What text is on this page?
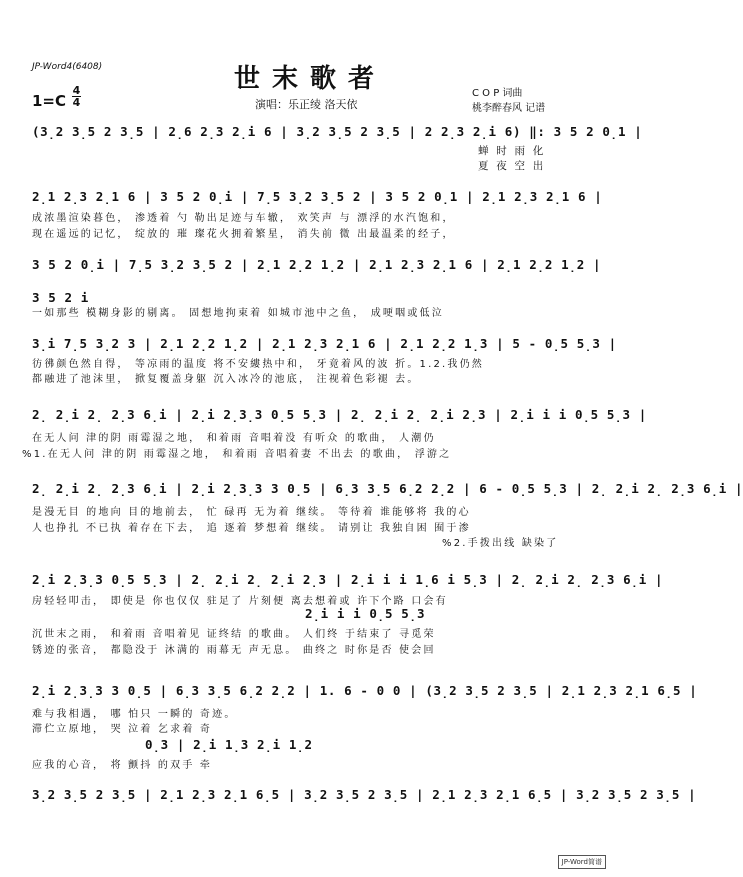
JP-Word4(6408)	世末歌者
1=C
4
4	演唱：乐正绫 洛天依
C O P 词曲
桃李醉春风 记谱
(3̣2 3̣5 2 3̣5 | 2̣6 2̣3 2̣i 6 | 3̣2 3̣5 2 3̣5 | 2 2̣3 2̣i 6) ‖: 3 5 2 0̣1 |
蝉 时 雨 化
夏 夜 空 出
2̣1 2̣3 2̣1 6 | 3 5 2 0̣i | 7̣5 3̣2 3̣5 2 | 3 5 2 0̣1 | 2̣1 2̣3 2̣1 6 |
成浓墨渲染暮色， 渗透着 勺 勒出足迹与车辙， 欢笑声 与 漂浮的水汽饱和，
现在遥远的记忆， 绽放的 璀 璨花火拥着繁星， 消失前 微 出最温柔的经子，
3 5 2 0̣i | 7̣5 3̣2 3̣5 2 | 2̣1 2̣2 1̣2 | 2̣1 2̣3 2̣1 6 | 2̣1 2̣2 1̣2 |
3 5 2 i
一如那些 模糊身影的剔离。 固想地拘束着 如城市池中之鱼， 成哽咽或低泣
3̣i 7̣5 3̣2 3 | 2̣1 2̣2 1̣2 | 2̣1 2̣3 2̣1 6 | 2̣1 2̣2 1̣3 | 5 - 0̣5 5̣3 |
彷彿颜色然自得， 等凉雨的温度 将不安縷热中和， 牙竟着风的波 折。1.2.我仍然
都融进了池沫里， 掀复覆盖身躯 沉入冰冷的池底， 注视着色彩褪 去。
2̣ 2̣i 2̣ 2̣3 6̣i | 2̣i 2̣3̣3 0̣5 5̣3 | 2̣ 2̣i 2̣ 2̣i 2̣3 | 2̣i i i 0̣5 5̣3 |
在无人问 津的阴 雨霉湿之地， 和着雨 音唱着没 有听众 的歌曲， 人潮仍
%1.在无人问 津的阴 雨霉湿之地， 和着雨 音唱着妻 不出去 的歌曲， 浮游之
2̣ 2̣i 2̣ 2̣3 6̣i | 2̣i 2̣3̣3 3 0̣5 | 6̣3 3̣5 6̣2 2̣2 | 6 - 0̣5 5̣3 | 2̣ 2̣i 2̣ 2̣3 6̣i |
是漫无目 的地向 目的地前去， 忙 碌再 无为着 继续。 等待着 谁能够将 我的心
人也挣扎 不已执 着存在下去， 追 逐着 梦想着 继续。 请别让 我独自困 囿于渗
%2.手拨出线 缺染了
2̣i 2̣3̣3 0̣5 5̣3 | 2̣ 2̣i 2̣ 2̣i 2̣3 | 2̣i i i 1̣6 i 5̣3 | 2̣ 2̣i 2̣ 2̣3 6̣i |
房轻轻叩击， 即使是 你也仅仅 驻足了 片刻便 离去想着或 许下个路 口会有
2̣i i i 0̣5 5̣3
沉世末之雨， 和着雨 音唱着见 证终结 的歌曲。 人们终 于结束了 寻觅荣
锈迹的张音， 都隐没于 沐满的 雨幕无 声无息。 曲终之 时你是否 使会回
2̣i 2̣3̣3 3 0̣5 | 6̣3 3̣5 6̣2 2̣2 | 1. 6 - 0 0 | (3̣2 3̣5 2 3̣5 | 2̣1 2̣3 2̣1 6̣5 |
难与我相遇， 哪 怕只 一瞬的 奇迹。
滞伫立原地， 哭 泣着 乞求着 奇
0̣3 | 2̣i 1̣3 2̣i 1̣2
应我的心音， 将 颤抖 的双手 牵
3̣2 3̣5 2 3̣5 | 2̣1 2̣3 2̣1 6̣5 | 3̣2 3̣5 2 3̣5 | 2̣1 2̣3 2̣1 6̣5 | 3̣2 3̣5 2 3̣5 |
JP-Word简谱
